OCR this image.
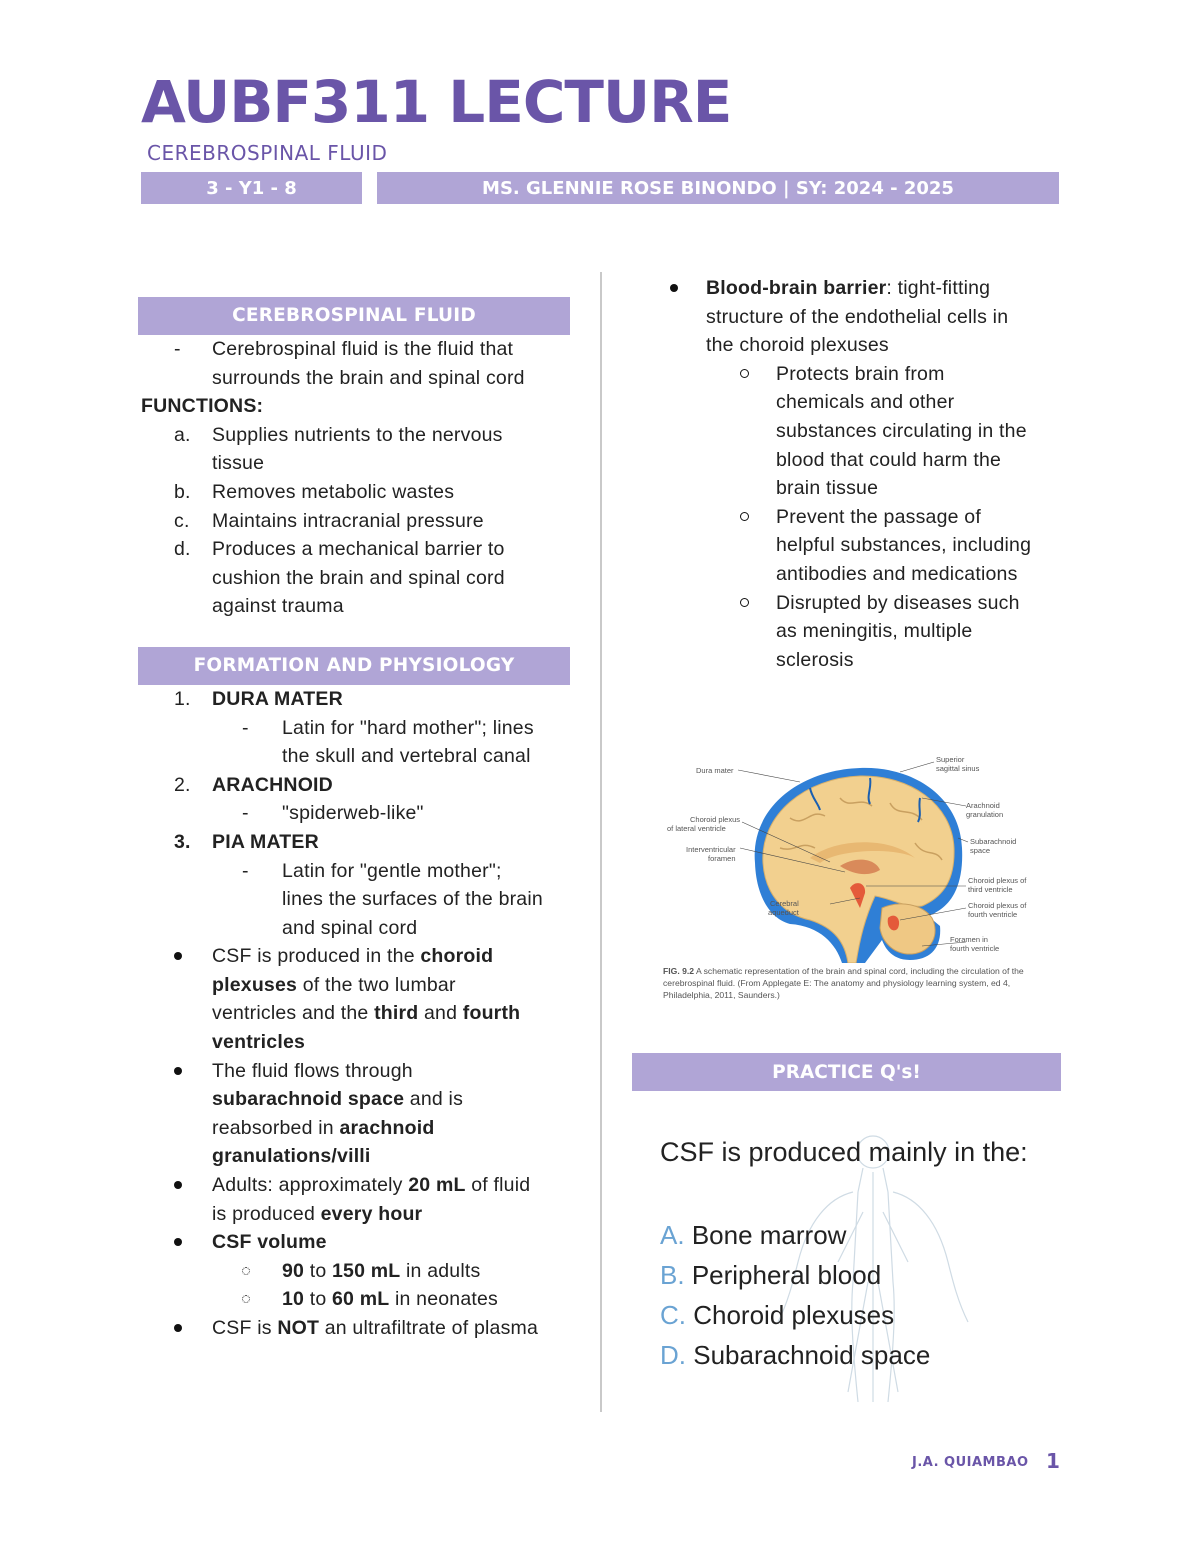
AUBF311 LECTURE
CEREBROSPINAL FLUID
3 - Y1 - 8	MS. GLENNIE ROSE BINONDO | SY: 2024 - 2025
CEREBROSPINAL FLUID
- Cerebrospinal fluid is the fluid that
surrounds the brain and spinal cord
FUNCTIONS:
a. Supplies nutrients to the nervous
tissue
b. Removes metabolic wastes
c. Maintains intracranial pressure
d. Produces a mechanical barrier to
cushion the brain and spinal cord
against trauma
FORMATION AND PHYSIOLOGY
1. DURA MATER
- Latin for "hard mother"; lines
the skull and vertebral canal
2. ARACHNOID
- "spiderweb-like"
3. PIA MATER
- Latin for "gentle mother";
lines the surfaces of the brain
and spinal cord
CSF is produced in the choroid
plexuses of the two lumbar
ventricles and the third and fourth
ventricles
The fluid flows through
subarachnoid space and is
reabsorbed in arachnoid
granulations/villi
Adults: approximately 20 mL of fluid
is produced every hour
CSF volume
90 to 150 mL in adults
10 to 60 mL in neonates
CSF is NOT an ultrafiltrate of plasma
Blood-brain barrier: tight-fitting
structure of the endothelial cells in
the choroid plexuses
Protects brain from
chemicals and other
substances circulating in the
blood that could harm the
brain tissue
Prevent the passage of
helpful substances, including
antibodies and medications
Disrupted by diseases such
as meningitis, multiple
sclerosis
Dura mater
Choroid plexus
of lateral ventricle
Interventricular
foramen
Cerebral
aqueduct
Superior
sagittal sinus
Arachnoid
granulation
Subarachnoid
space
Choroid plexus of
third ventricle
Choroid plexus of
fourth ventricle
Foramen in
fourth ventricle
FIG. 9.2 A schematic representation of the brain and spinal cord, including the circulation of the cerebrospinal fluid. (From Applegate E: The anatomy and physiology learning system, ed 4, Philadelphia, 2011, Saunders.)
PRACTICE Q's!
CSF is produced mainly in the:
A. Bone marrow
B. Peripheral blood
C. Choroid plexuses
D. Subarachnoid space
J.A. QUIAMBAO 1
